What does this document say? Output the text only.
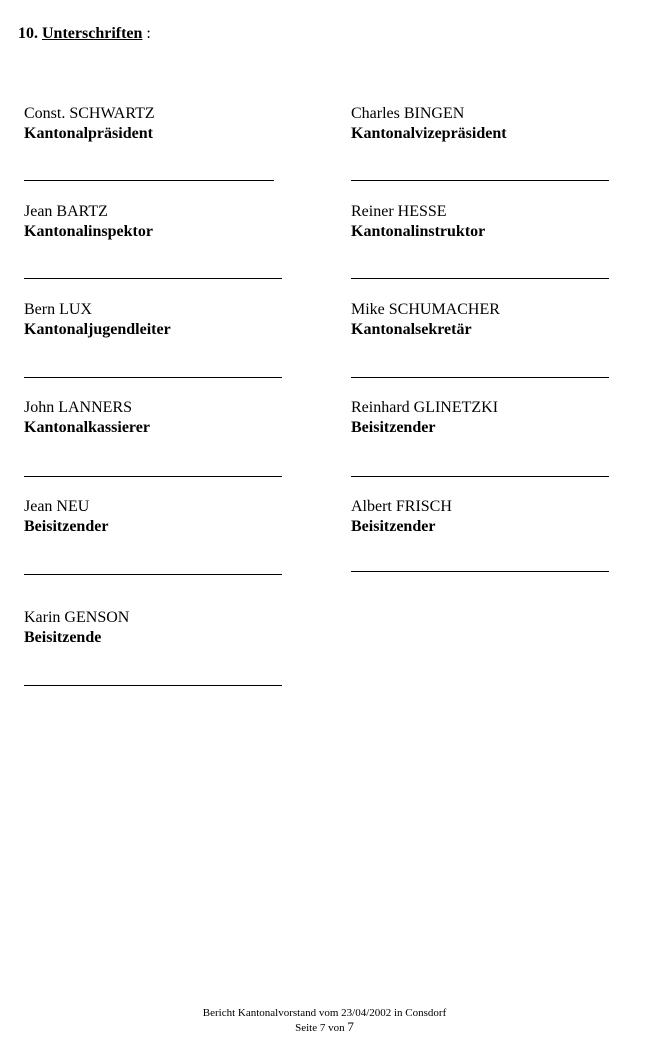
10. Unterschriften :
Const. SCHWARTZ
Kantonalpräsident
Charles BINGEN
Kantonalvizepräsident
Jean BARTZ
Kantonalinspektor
Reiner HESSE
Kantonalinstruktor
Bern LUX
Kantonaljugendleiter
Mike SCHUMACHER
Kantonalsekretär
John LANNERS
Kantonalkassierer
Reinhard GLINETZKI
Beisitzender
Jean NEU
Beisitzender
Albert FRISCH
Beisitzender
Karin GENSON
Beisitzende
Bericht Kantonalvorstand vom 23/04/2002 in Consdorf
Seite 7 von 7
